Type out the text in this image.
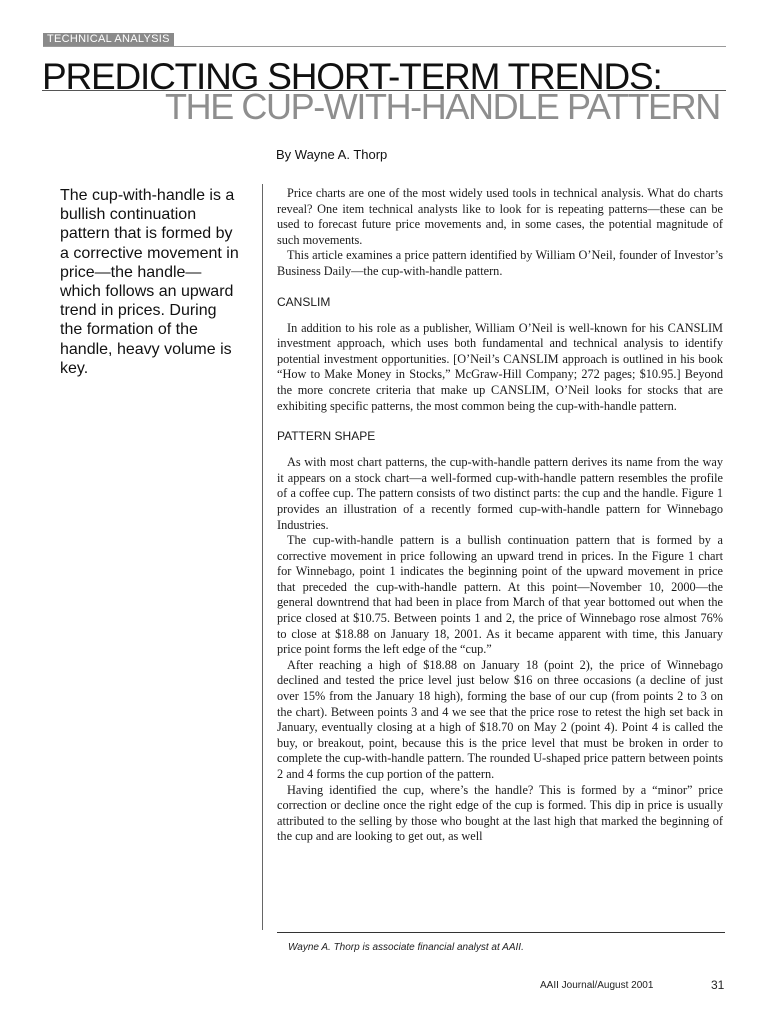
TECHNICAL ANALYSIS
PREDICTING SHORT-TERM TRENDS:
THE CUP-WITH-HANDLE PATTERN
By Wayne A. Thorp
The cup-with-handle is a bullish continuation pattern that is formed by a corrective movement in price—the handle—which follows an upward trend in prices. During the formation of the handle, heavy volume is key.

Price charts are one of the most widely used tools in technical analysis. What do charts reveal? One item technical analysts like to look for is repeating patterns—these can be used to forecast future price movements and, in some cases, the potential magnitude of such movements.

This article examines a price pattern identified by William O’Neil, founder of Investor’s Business Daily—the cup-with-handle pattern.

CANSLIM

In addition to his role as a publisher, William O’Neil is well-known for his CANSLIM investment approach, which uses both fundamental and technical analysis to identify potential investment opportunities. [O’Neil’s CANSLIM approach is outlined in his book “How to Make Money in Stocks,” McGraw-Hill Company; 272 pages; $10.95.] Beyond the more concrete criteria that make up CANSLIM, O’Neil looks for stocks that are exhibiting specific patterns, the most common being the cup-with-handle pattern.

PATTERN SHAPE

As with most chart patterns, the cup-with-handle pattern derives its name from the way it appears on a stock chart—a well-formed cup-with-handle pattern resembles the profile of a coffee cup. The pattern consists of two distinct parts: the cup and the handle. Figure 1 provides an illustration of a recently formed cup-with-handle pattern for Winnebago Industries.

The cup-with-handle pattern is a bullish continuation pattern that is formed by a corrective movement in price following an upward trend in prices. In the Figure 1 chart for Winnebago, point 1 indicates the beginning point of the upward movement in price that preceded the cup-with-handle pattern. At this point—November 10, 2000—the general downtrend that had been in place from March of that year bottomed out when the price closed at $10.75. Between points 1 and 2, the price of Winnebago rose almost 76% to close at $18.88 on January 18, 2001. As it became apparent with time, this January price point forms the left edge of the “cup.”

After reaching a high of $18.88 on January 18 (point 2), the price of Winnebago declined and tested the price level just below $16 on three occasions (a decline of just over 15% from the January 18 high), forming the base of our cup (from points 2 to 3 on the chart). Between points 3 and 4 we see that the price rose to retest the high set back in January, eventually closing at a high of $18.70 on May 2 (point 4). Point 4 is called the buy, or breakout, point, because this is the price level that must be broken in order to complete the cup-with-handle pattern. The rounded U-shaped price pattern between points 2 and 4 forms the cup portion of the pattern.

Having identified the cup, where’s the handle? This is formed by a “minor” price correction or decline once the right edge of the cup is formed. This dip in price is usually attributed to the selling by those who bought at the last high that marked the beginning of the cup and are looking to get out, as well

Wayne A. Thorp is associate financial analyst at AAII.
AAII Journal/August 2001	31
